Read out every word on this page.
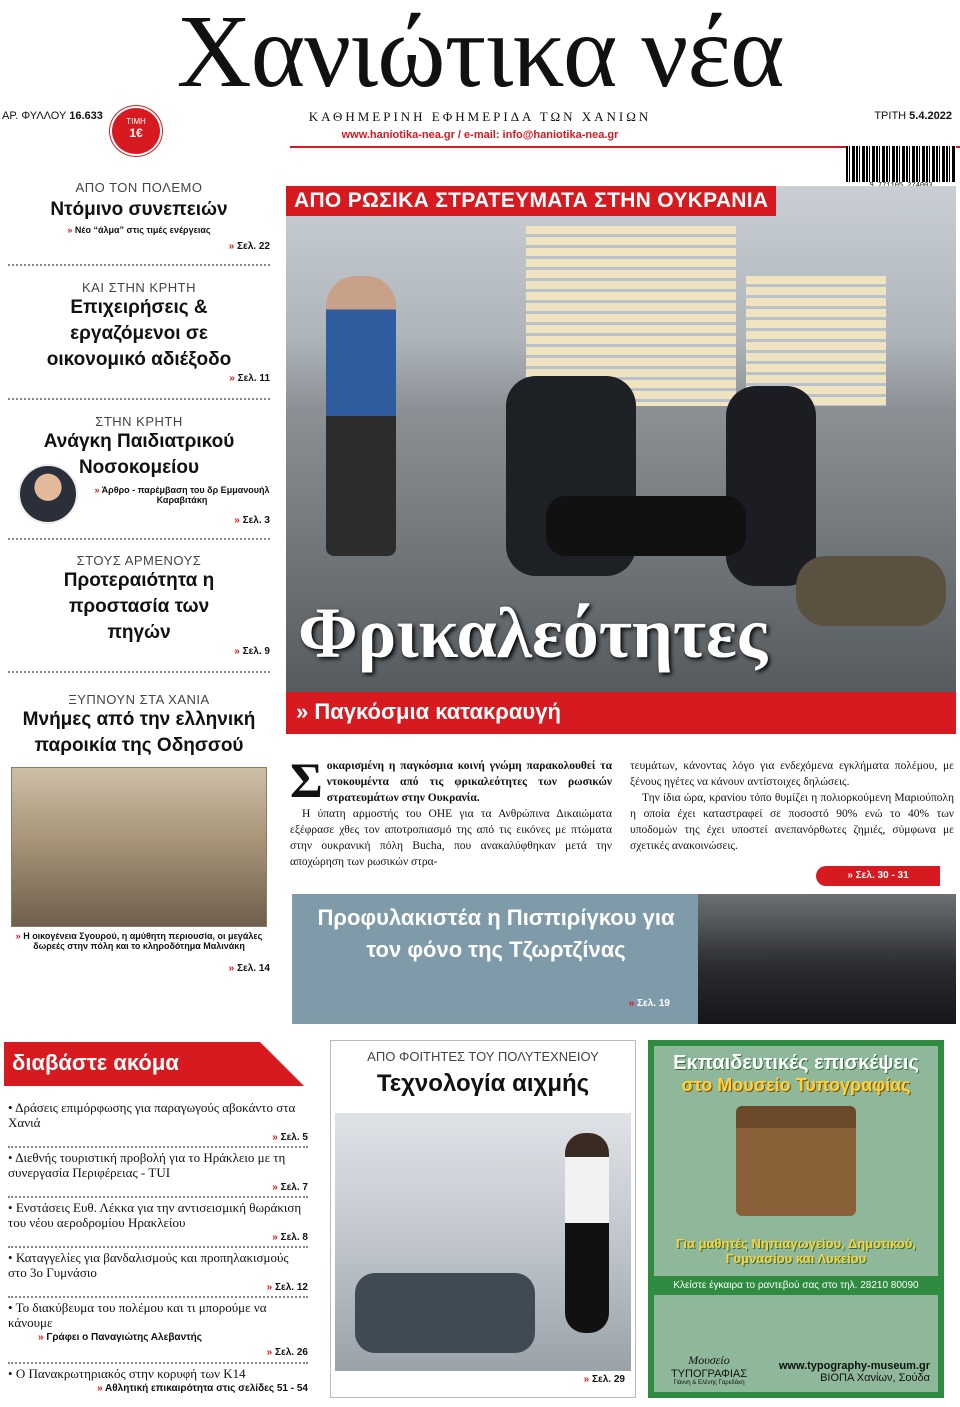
Χανιώτικα νέα
ΑΡ. ΦΥΛΛΟΥ 16.633	ΚΑΘΗΜΕΡΙΝΗ ΕΦΗΜΕΡΙΔΑ ΤΩΝ ΧΑΝΙΩΝ	ΤΡΙΤΗ 5.4.2022
www.haniotika-nea.gr / e-mail: info@haniotika-nea.gr
ΤΙΜΗ
1€
ΑΠΟ ΤΟΝ ΠΟΛΕΜΟ
Ντόμινο συνεπειών
» Νέο “άλμα” στις τιμές ενέργειας
» Σελ. 22
ΚΑΙ ΣΤΗΝ ΚΡΗΤΗ
Επιχειρήσεις & εργαζόμενοι σε οικονομικό αδιέξοδο
» Σελ. 11
ΣΤΗΝ ΚΡΗΤΗ
Ανάγκη Παιδιατρικού Νοσοκομείου
» Άρθρο - παρέμβαση του δρ Εμμανουήλ Καραβιτάκη
» Σελ. 3
ΣΤΟΥΣ ΑΡΜΕΝΟΥΣ
Προτεραιότητα η προστασία των πηγών
» Σελ. 9
ΞΥΠΝΟΥΝ ΣΤΑ ΧΑΝΙΑ
Μνήμες από την ελληνική παροικία της Οδησσού
» Η οικογένεια Σγουρού, η αμύθητη περιουσία, οι μεγάλες δωρεές στην πόλη και το κληροδότημα Μαλινάκη
» Σελ. 14
ΑΠΟ ΡΩΣΙΚΑ ΣΤΡΑΤΕΥΜΑΤΑ ΣΤΗΝ ΟΥΚΡΑΝΙΑ
Φρικαλεότητες
» Παγκόσμια κατακραυγή
Σ οκαρισμένη η παγκόσμια κοινή γνώμη παρακολουθεί τα ντοκουμέντα από τις φρικαλεότητες των ρωσικών στρατευμάτων στην Ουκρανία.
Η ύπατη αρμοστής του ΟΗΕ για τα Ανθρώπινα Δικαιώματα εξέφρασε χθες τον αποτροπιασμό της από τις εικόνες με πτώματα στην ουκρανική πόλη Bucha, που ανακαλύφθηκαν μετά την αποχώρηση των ρωσικών στρα-
τευμάτων, κάνοντας λόγο για ενδεχόμενα εγκλήματα πολέμου, με ξένους ηγέτες να κάνουν αντίστοιχες δηλώσεις.
Την ίδια ώρα, κρανίου τόπο θυμίζει η πολιορκούμενη Μαριούπολη η οποία έχει καταστραφεί σε ποσοστό 90% ενώ το 40% των υποδομών της έχει υποστεί ανεπανόρθωτες ζημιές, σύμφωνα με σχετικές ανακοινώσεις.
» Σελ. 30 - 31
Προφυλακιστέα η Πισπιρίγκου για τον φόνο της Τζωρτζίνας
» Σελ. 19
διαβάστε ακόμα
• Δράσεις επιμόρφωσης για παραγωγούς αβοκάντο στα Χανιά
» Σελ. 5
• Διεθνής τουριστική προβολή για το Ηράκλειο με τη συνεργασία Περιφέρειας - TUI
» Σελ. 7
• Ενστάσεις Ευθ. Λέκκα για την αντισεισμική θωράκιση του νέου αεροδρομίου Ηρακλείου
» Σελ. 8
• Καταγγελίες για βανδαλισμούς και προπηλακισμούς στο 3ο Γυμνάσιο
» Σελ. 12
• Το διακύβευμα του πολέμου και τι μπορούμε να κάνουμε
» Γράφει ο Παναγιώτης Αλεβαντής
» Σελ. 26
• Ο Πανακρωτηριακός στην κορυφή των Κ14
» Αθλητική επικαιρότητα στις σελίδες 51 - 54
ΑΠΟ ΦΟΙΤΗΤΕΣ ΤΟΥ ΠΟΛΥΤΕΧΝΕΙΟΥ
Τεχνολογία αιχμής
» Σελ. 29
Εκπαιδευτικές επισκέψεις
στο Μουσείο Τυπογραφίας
Για μαθητές Νηπιαγωγείου, Δημοτικού, Γυμνασίου και Λυκείου
Κλείστε έγκαιρα το ραντεβού σας στο τηλ. 28210 80090
Μουσείο
ΤΥΠΟΓΡΑΦΙΑΣ
Γιάννη & Ελένης Γαρεδάκη
www.typography-museum.gr
ΒΙΟΠΑ Χανίων, Σούδα
